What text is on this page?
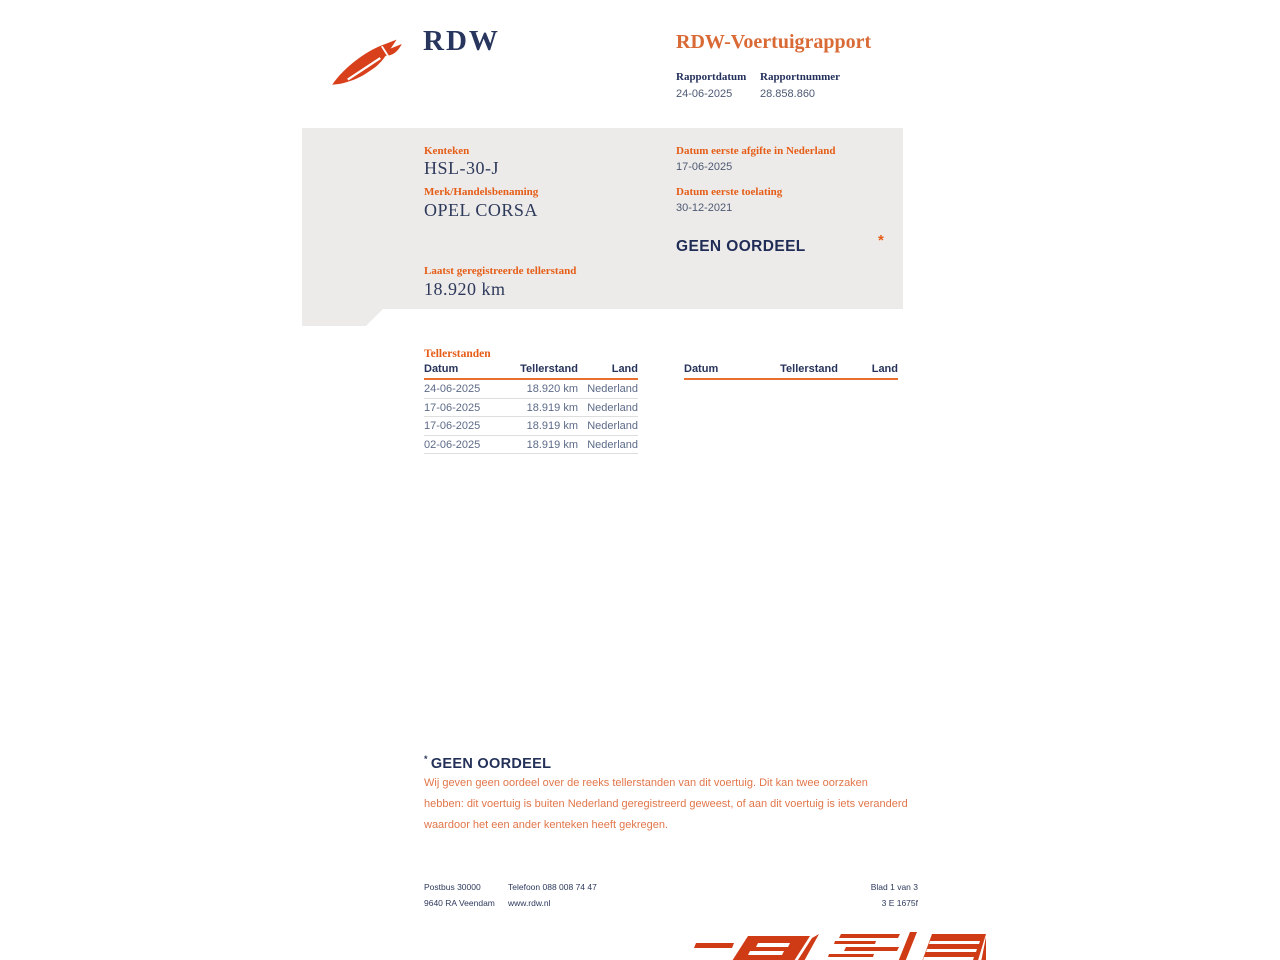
RDW	RDW-Voertuigrapport
Rapportdatum
24-06-2025
Rapportnummer
28.858.860
Kenteken
HSL-30-J
Merk/Handelsbenaming
OPEL CORSA
Laatst geregistreerde tellerstand
18.920 km
Datum eerste afgifte in Nederland
17-06-2025
Datum eerste toelating
30-12-2021
GEEN OORDEEL	*
Tellerstanden
Datum	Tellerstand	Land
24-06-2025	18.920 km Nederland
17-06-2025	18.919 km Nederland
17-06-2025	18.919 km Nederland
02-06-2025	18.919 km Nederland
Datum	Tellerstand	Land
* GEEN OORDEEL
Wij geven geen oordeel over de reeks tellerstanden van dit voertuig. Dit kan twee oorzaken hebben: dit voertuig is buiten Nederland geregistreerd geweest, of aan dit voertuig is iets veranderd waardoor het een ander kenteken heeft gekregen.
Postbus 30000
9640 RA Veendam
Telefoon 088 008 74 47
www.rdw.nl
Blad 1 van 3
3 E 1675f
